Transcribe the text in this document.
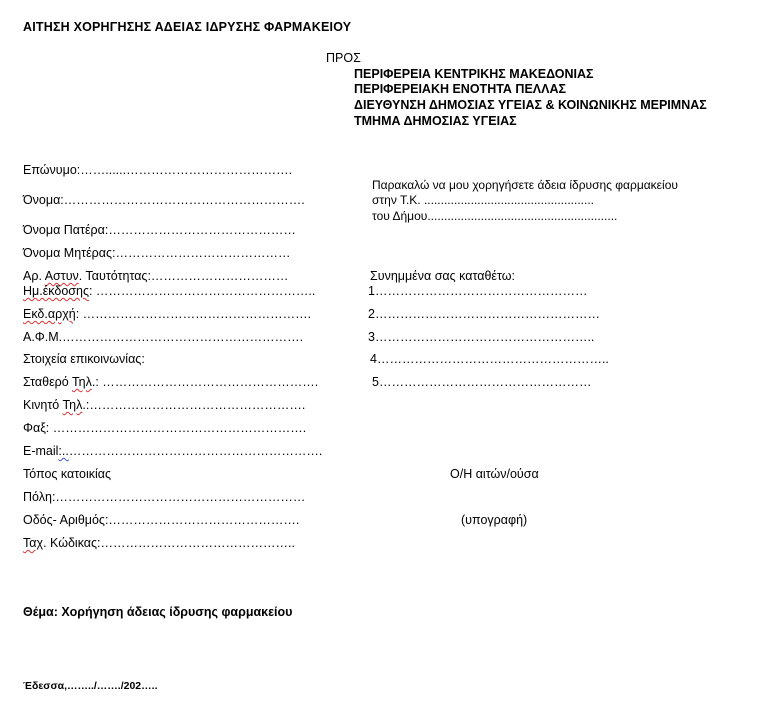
ΑΙΤΗΣΗ ΧΟΡΗΓΗΣΗΣ ΑΔΕΙΑΣ ΙΔΡΥΣΗΣ ΦΑΡΜΑΚΕΙΟΥ
ΠΡΟΣ
ΠΕΡΙΦΕΡΕΙΑ ΚΕΝΤΡΙΚΗΣ ΜΑΚΕΔΟΝΙΑΣ
ΠΕΡΙΦΕΡΕΙΑΚΗ ΕΝΟΤΗΤΑ ΠΕΛΛΑΣ
ΔΙΕΥΘΥΝΣΗ ΔΗΜΟΣΙΑΣ ΥΓΕΙΑΣ & ΚΟΙΝΩΝΙΚΗΣ ΜΕΡΙΜΝΑΣ
ΤΜΗΜΑ ΔΗΜΟΣΙΑΣ ΥΓΕΙΑΣ
Επώνυμο:……......………………………………….
Όνομα:………………………………………………….
Όνομα Πατέρα:………………………………………
Όνομα Μητέρας:……………………………………
Αρ. Αστυν. Ταυτότητας:……………………………
Ημ.έκδοσης: ……………………………………………..
Εκδ.αρχή: ……………………………………………….
Α.Φ.Μ.………………………………………………….
Στοιχεία επικοινωνίας:
Σταθερό Τηλ.: …………………………………………….
Κινητό Τηλ.:…………………………………………….
Φαξ: …………………………………………………….
E-mail:..…………………………………………………….
Τόπος κατοικίας
Πόλη:……………………………………………………
Οδός- Αριθμός:……………………………………….
Ταχ. Κώδικας:………………………………………..
Παρακαλώ να μου χορηγήσετε άδεια ίδρυσης φαρμακείου
στην Τ.Κ. ...................................................
του Δήμου.........................................................
Συνημμένα σας καταθέτω:
1……………………………………………
2………………………………………………
3……………………………………………..
4………………………………………………..
5……………………………………………
Ο/Η αιτών/ούσα
(υπογραφή)
Θέμα: Χορήγηση άδειας ίδρυσης φαρμακείου
Έδεσσα,……../……./202…..
